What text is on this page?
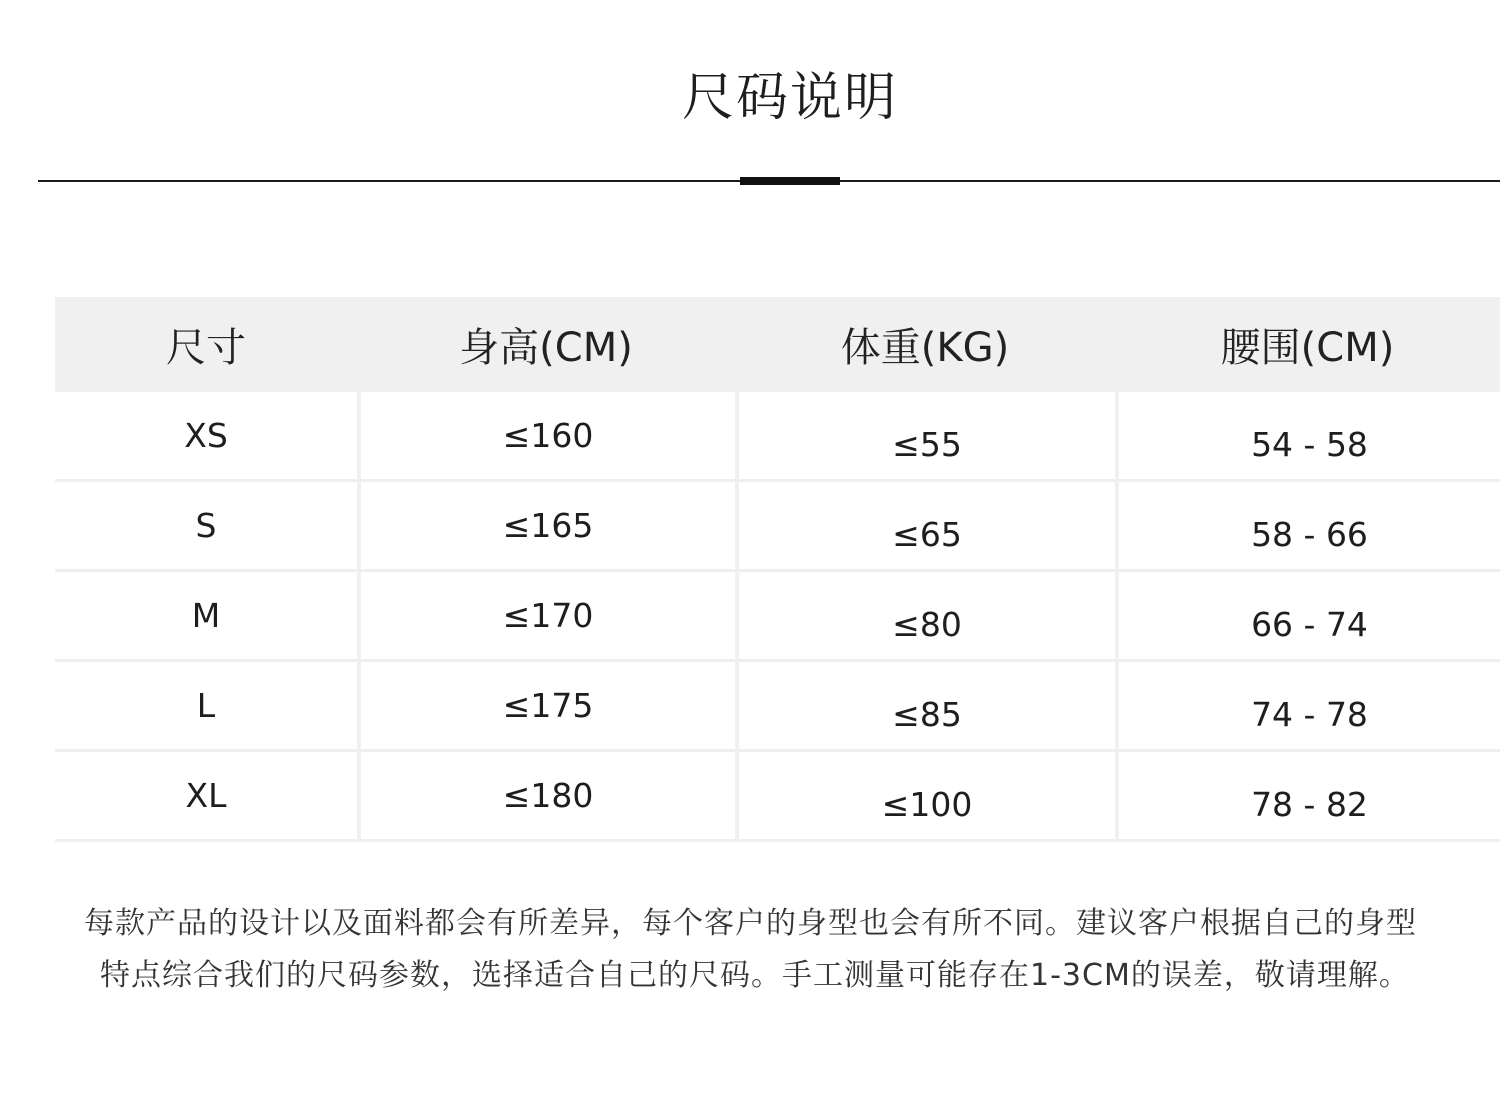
尺码说明
尺寸	身高(CM)	体重(KG)	腰围(CM)
XS	≤160	≤55	54 - 58
S	≤165	≤65	58 - 66
M	≤170	≤80	66 - 74
L	≤175	≤85	74 - 78
XL	≤180	≤100	78 - 82
每款产品的设计以及面料都会有所差异，每个客户的身型也会有所不同。建议客户根据自己的身型
特点综合我们的尺码参数，选择适合自己的尺码。手工测量可能存在1-3CM的误差，敬请理解。
